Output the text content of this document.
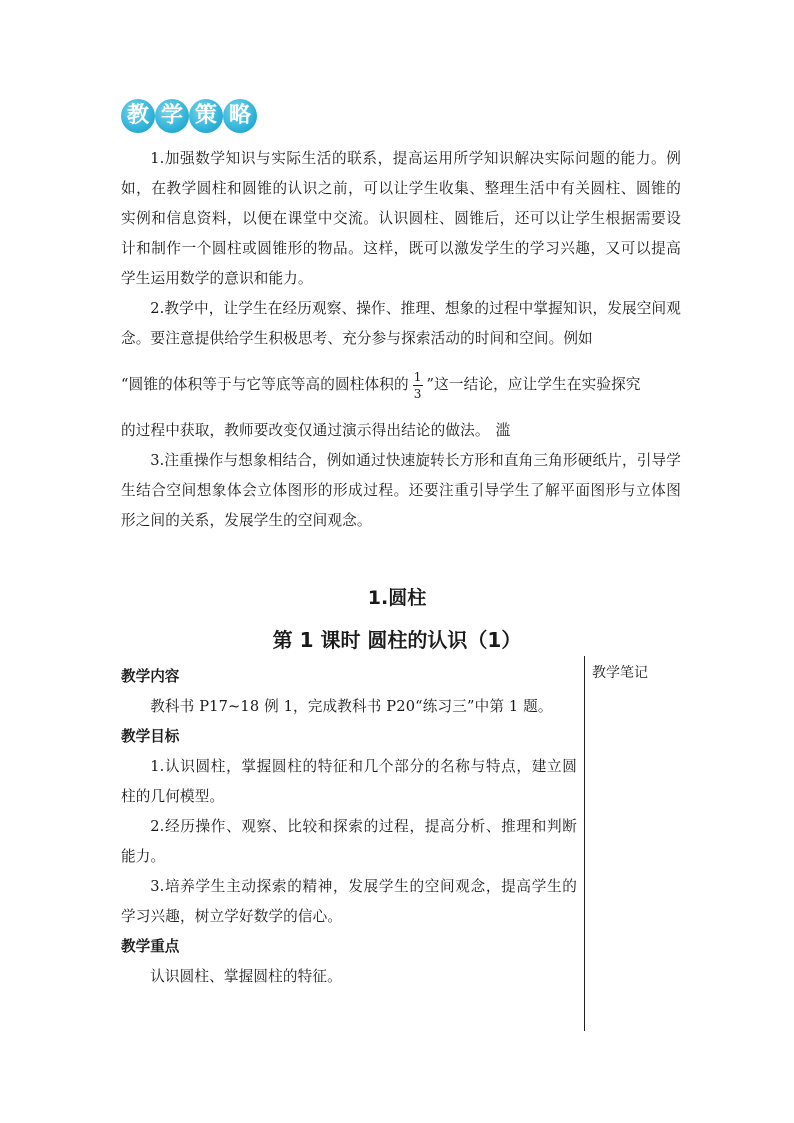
教 学 策 略

1.加强数学知识与实际生活的联系，提高运用所学知识解决实际问题的能力。例如，在教学圆柱和圆锥的认识之前，可以让学生收集、整理生活中有关圆柱、圆锥的实例和信息资料，以便在课堂中交流。认识圆柱、圆锥后，还可以让学生根据需要设计和制作一个圆柱或圆锥形的物品。这样，既可以激发学生的学习兴趣，又可以提高学生运用数学的意识和能力。

2.教学中，让学生在经历观察、操作、推理、想象的过程中掌握知识，发展空间观念。要注意提供给学生积极思考、充分参与探索活动的时间和空间。例如

“圆锥的体积等于与它等底等高的圆柱体积的 $\frac{1}{3}$ ”这一结论，应让学生在实验探究

的过程中获取，教师要改变仅通过演示得出结论的做法。 滥

3.注重操作与想象相结合，例如通过快速旋转长方形和直角三角形硬纸片，引导学生结合空间想象体会立体图形的形成过程。还要注重引导学生了解平面图形与立体图形之间的关系，发展学生的空间观念。

1.圆柱
第 1 课时 圆柱的认识（1）
教学笔记

教学内容

教科书 P17~18 例 1，完成教科书 P20“练习三”中第 1 题。

教学目标

1.认识圆柱，掌握圆柱的特征和几个部分的名称与特点，建立圆柱的几何模型。

2.经历操作、观察、比较和探索的过程，提高分析、推理和判断能力。

3.培养学生主动探索的精神，发展学生的空间观念，提高学生的学习兴趣，树立学好数学的信心。

教学重点

认识圆柱、掌握圆柱的特征。
